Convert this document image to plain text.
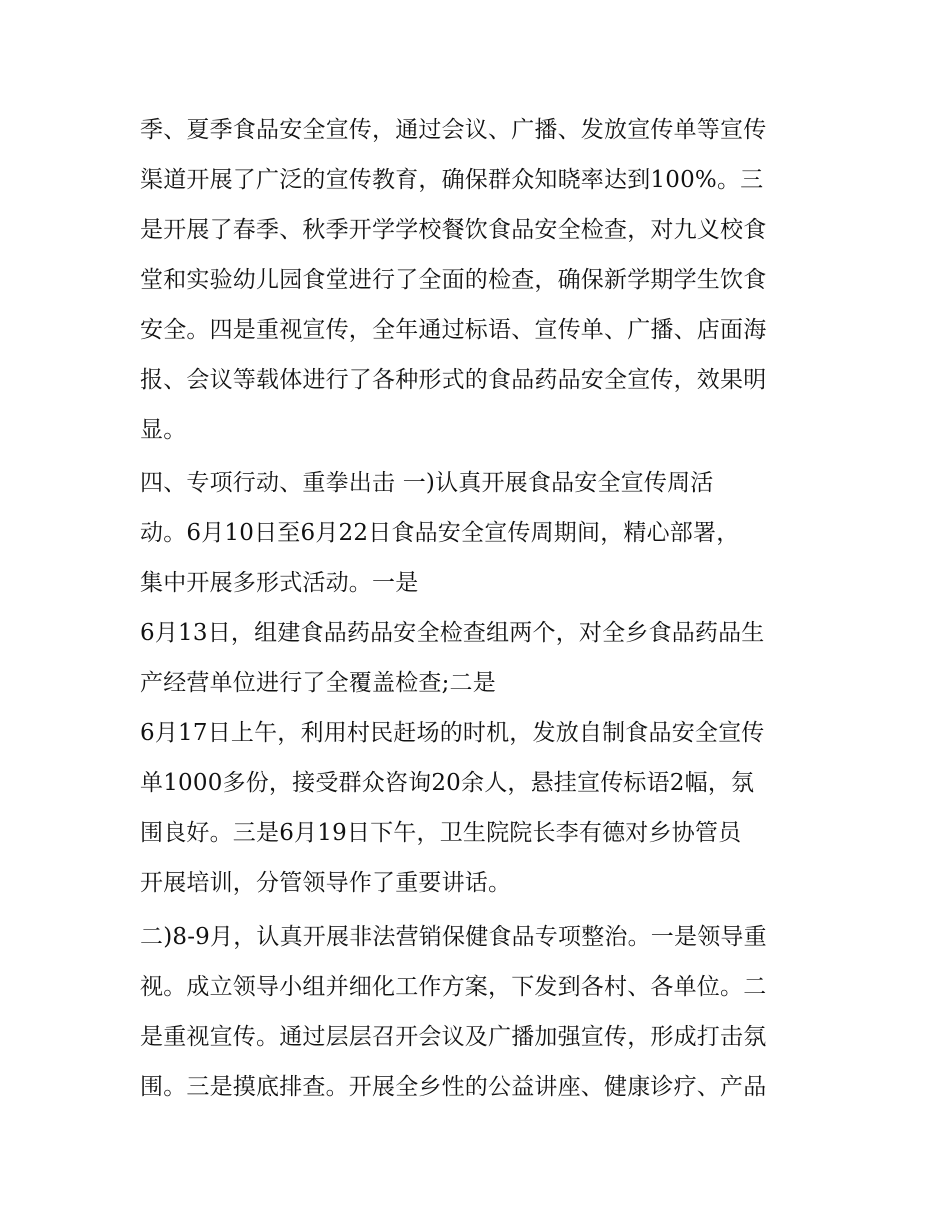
季、夏季食品安全宣传，通过会议、广播、发放宣传单等宣传
渠道开展了广泛的宣传教育，确保群众知晓率达到100%。三
是开展了春季、秋季开学学校餐饮食品安全检查，对九义校食
堂和实验幼儿园食堂进行了全面的检查，确保新学期学生饮食
安全。四是重视宣传，全年通过标语、宣传单、广播、店面海
报、会议等载体进行了各种形式的食品药品安全宣传，效果明
显。
四、专项行动、重拳出击 一)认真开展食品安全宣传周活
动。6月10日至6月22日食品安全宣传周期间，精心部署，
集中开展多形式活动。一是
6月13日，组建食品药品安全检查组两个，对全乡食品药品生
产经营单位进行了全覆盖检查;二是
6月17日上午，利用村民赶场的时机，发放自制食品安全宣传
单1000多份，接受群众咨询20余人，悬挂宣传标语2幅，氛
围良好。三是6月19日下午，卫生院院长李有德对乡协管员
开展培训，分管领导作了重要讲话。
二)8-9月，认真开展非法营销保健食品专项整治。一是领导重
视。成立领导小组并细化工作方案，下发到各村、各单位。二
是重视宣传。通过层层召开会议及广播加强宣传，形成打击氛
围。三是摸底排查。开展全乡性的公益讲座、健康诊疗、产品
